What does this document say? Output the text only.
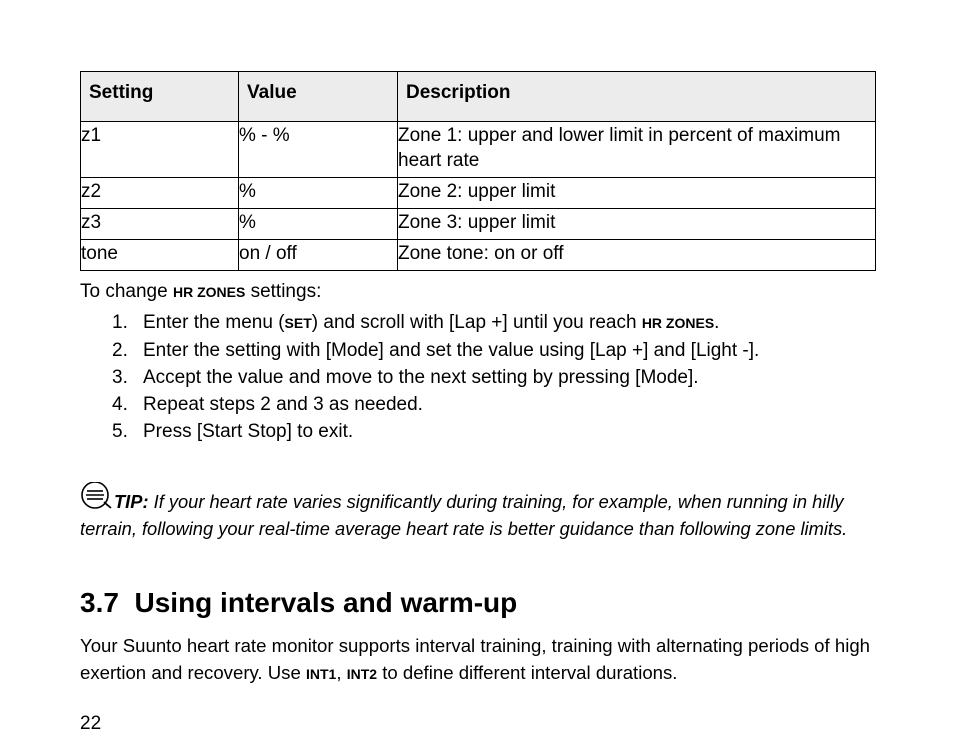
Setting	Value	Description
z1	% - %	Zone 1: upper and lower limit in percent of maximum heart rate
z2	%	Zone 2: upper limit
z3	%	Zone 3: upper limit
tone	on / off	Zone tone: on or off
To change HR ZONES settings:
1. Enter the menu (SET) and scroll with [Lap +] until you reach HR ZONES.
2. Enter the setting with [Mode] and set the value using [Lap +] and [Light -].
3. Accept the value and move to the next setting by pressing [Mode].
4. Repeat steps 2 and 3 as needed.
5. Press [Start Stop] to exit.
TIP: If your heart rate varies significantly during training, for example, when running in hilly terrain, following your real-time average heart rate is better guidance than following zone limits.
3.7 Using intervals and warm-up
Your Suunto heart rate monitor supports interval training, training with alternating periods of high exertion and recovery. Use INT1, INT2 to define different interval durations.
22
